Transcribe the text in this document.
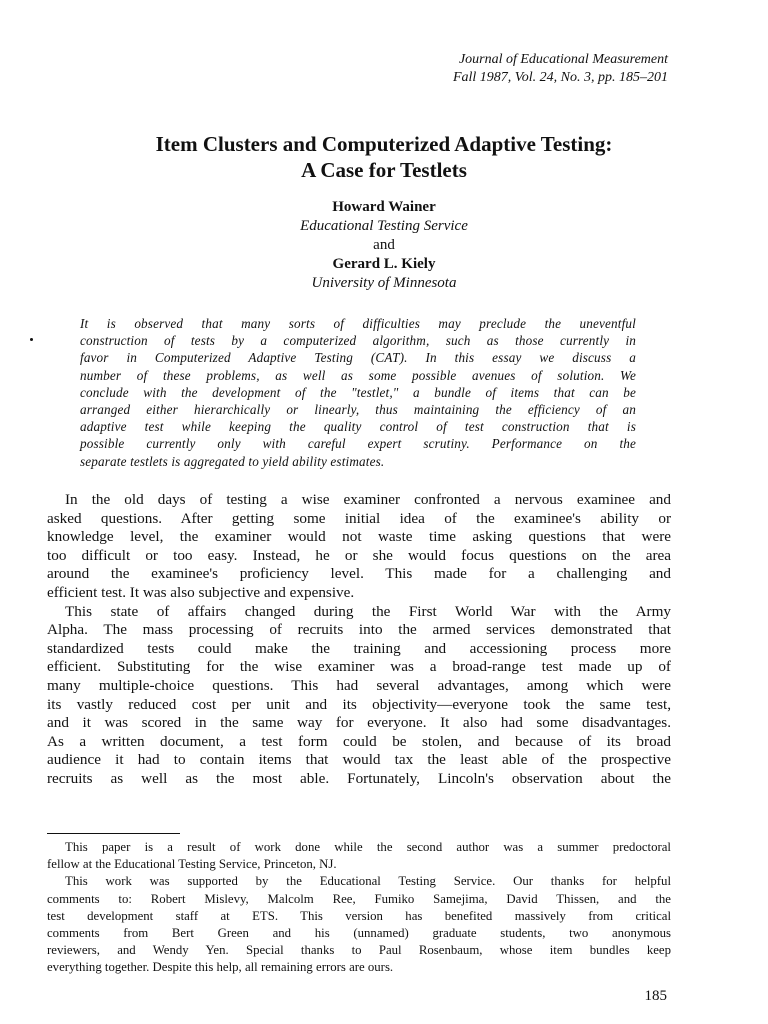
Journal of Educational Measurement
Fall 1987, Vol. 24, No. 3, pp. 185–201
Item Clusters and Computerized Adaptive Testing:
A Case for Testlets
Howard Wainer
Educational Testing Service
and
Gerard L. Kiely
University of Minnesota
It is observed that many sorts of difficulties may preclude the uneventful
construction of tests by a computerized algorithm, such as those currently in
favor in Computerized Adaptive Testing (CAT). In this essay we discuss a
number of these problems, as well as some possible avenues of solution. We
conclude with the development of the "testlet," a bundle of items that can be
arranged either hierarchically or linearly, thus maintaining the efficiency of an
adaptive test while keeping the quality control of test construction that is
possible currently only with careful expert scrutiny. Performance on the
separate testlets is aggregated to yield ability estimates.
In the old days of testing a wise examiner confronted a nervous examinee and
asked questions. After getting some initial idea of the examinee's ability or
knowledge level, the examiner would not waste time asking questions that were
too difficult or too easy. Instead, he or she would focus questions on the area
around the examinee's proficiency level. This made for a challenging and
efficient test. It was also subjective and expensive.
This state of affairs changed during the First World War with the Army
Alpha. The mass processing of recruits into the armed services demonstrated that
standardized tests could make the training and accessioning process more
efficient. Substituting for the wise examiner was a broad-range test made up of
many multiple-choice questions. This had several advantages, among which were
its vastly reduced cost per unit and its objectivity—everyone took the same test,
and it was scored in the same way for everyone. It also had some disadvantages.
As a written document, a test form could be stolen, and because of its broad
audience it had to contain items that would tax the least able of the prospective
recruits as well as the most able. Fortunately, Lincoln's observation about the
This paper is a result of work done while the second author was a summer predoctoral
fellow at the Educational Testing Service, Princeton, NJ.
This work was supported by the Educational Testing Service. Our thanks for helpful
comments to: Robert Mislevy, Malcolm Ree, Fumiko Samejima, David Thissen, and the
test development staff at ETS. This version has benefited massively from critical
comments from Bert Green and his (unnamed) graduate students, two anonymous
reviewers, and Wendy Yen. Special thanks to Paul Rosenbaum, whose item bundles keep
everything together. Despite this help, all remaining errors are ours.
185
